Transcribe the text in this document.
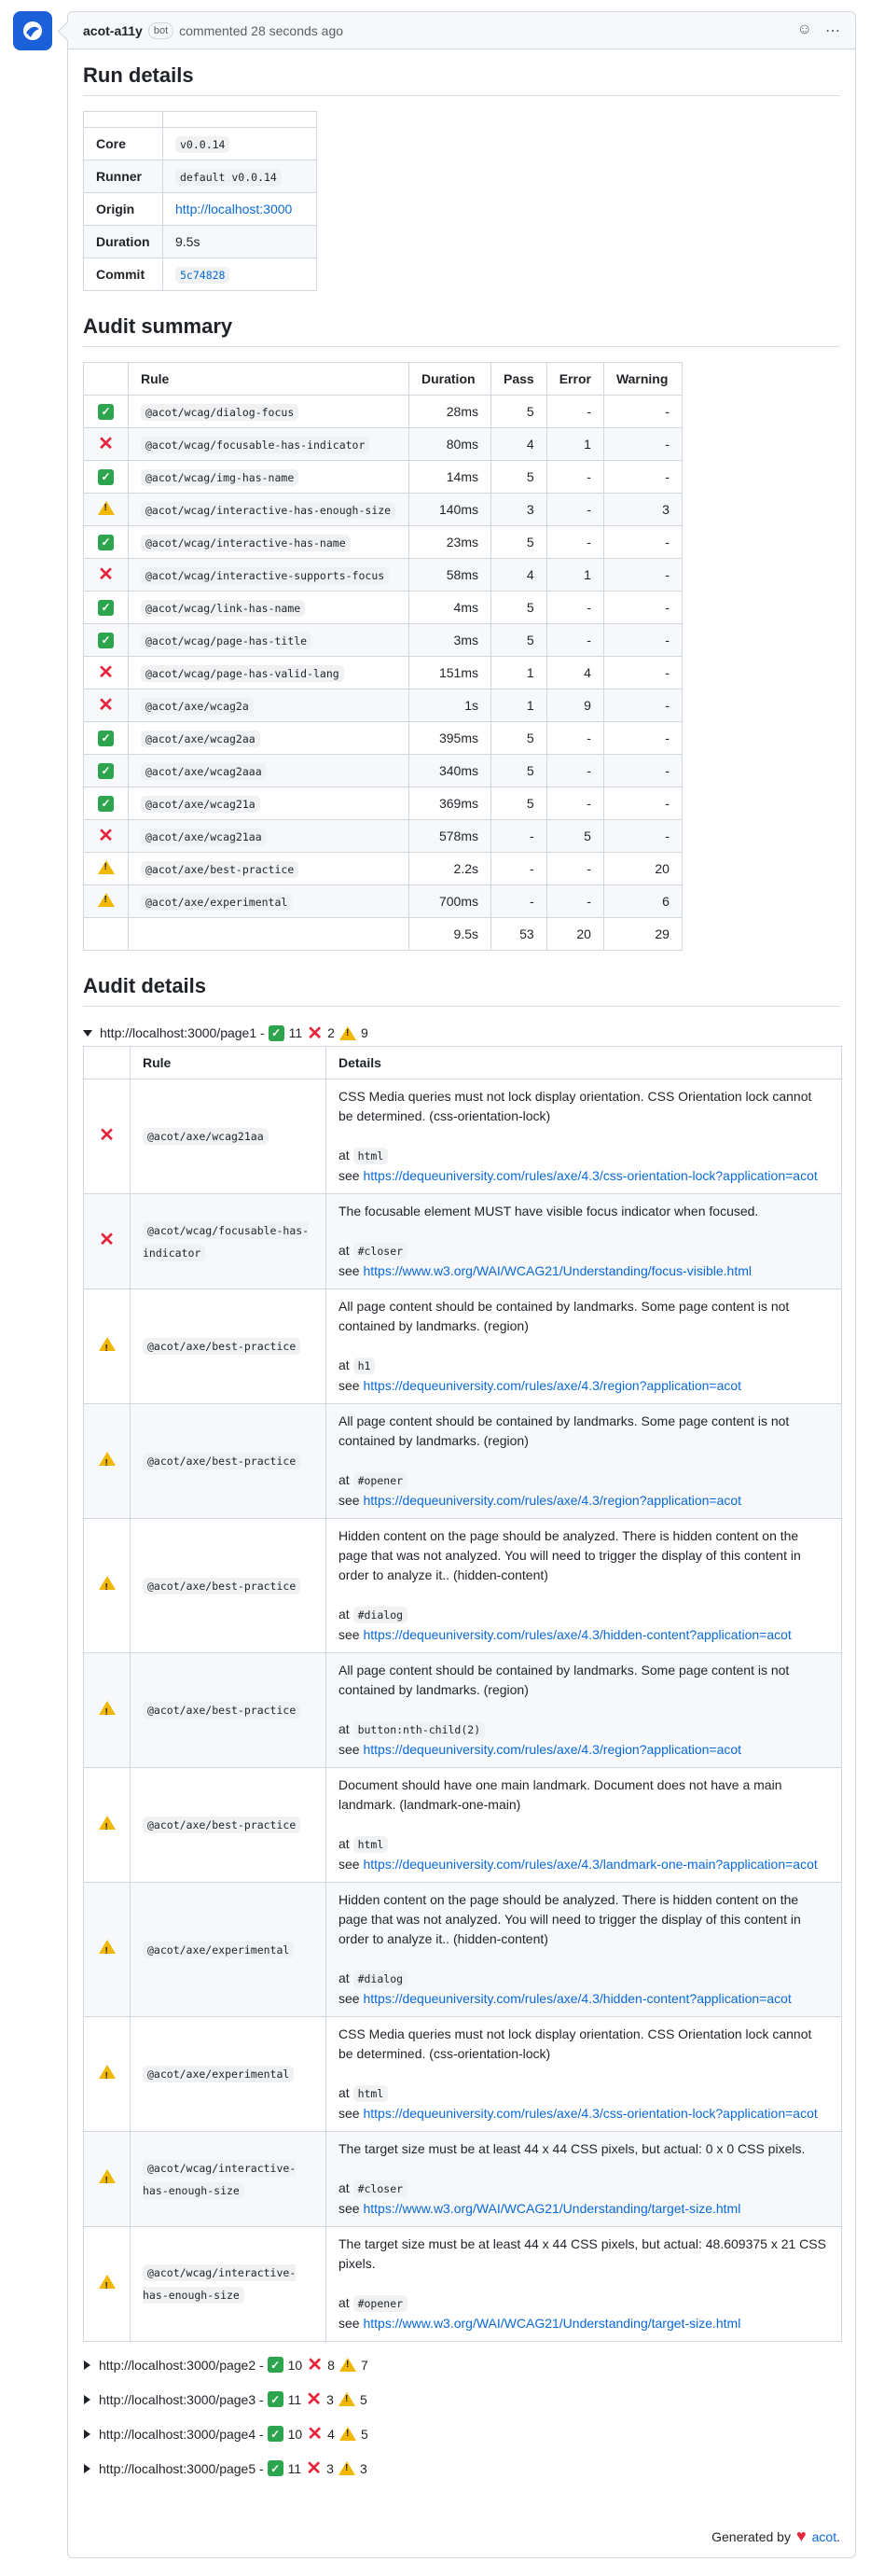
acot-a11y	bot commented 28 seconds ago	☺ ⋯
Run details

Core	v0.0.14
Runner	default v0.0.14
Origin	http://localhost:3000
Duration	9.5s
Commit	5c74828
Audit summary
	Rule	Duration	Pass	Error	Warning
✓	@acot/wcag/dialog-focus	28ms	5	-	-
✕	@acot/wcag/focusable-has-indicator	80ms	4	1	-
✓	@acot/wcag/img-has-name	14ms	5	-	-
!	@acot/wcag/interactive-has-enough-size	140ms	3	-	3
✓	@acot/wcag/interactive-has-name	23ms	5	-	-
✕	@acot/wcag/interactive-supports-focus	58ms	4	1	-
✓	@acot/wcag/link-has-name	4ms	5	-	-
✓	@acot/wcag/page-has-title	3ms	5	-	-
✕	@acot/wcag/page-has-valid-lang	151ms	1	4	-
✕	@acot/axe/wcag2a	1s	1	9	-
✓	@acot/axe/wcag2aa	395ms	5	-	-
✓	@acot/axe/wcag2aaa	340ms	5	-	-
✓	@acot/axe/wcag21a	369ms	5	-	-
✕	@acot/axe/wcag21aa	578ms	-	5	-
!	@acot/axe/best-practice	2.2s	-	-	20
!	@acot/axe/experimental	700ms	-	-	6
		9.5s	53	20	29
Audit details
http://localhost:3000/page1 - ✓ 11 ✕ 2 ! 9
	Rule	Details
✕	@acot/axe/wcag21aa	CSS Media queries must not lock display orientation. CSS Orientation lock cannot be determined. (css-orientation-lock)
at html
see https://dequeuniversity.com/rules/axe/4.3/css-orientation-lock?application=acot

✕	@acot/wcag/focusable-has-indicator	The focusable element MUST have visible focus indicator when focused.
at #closer
see https://www.w3.org/WAI/WCAG21/Understanding/focus-visible.html

!	@acot/axe/best-practice	All page content should be contained by landmarks. Some page content is not contained by landmarks. (region)
at h1
see https://dequeuniversity.com/rules/axe/4.3/region?application=acot

!	@acot/axe/best-practice	All page content should be contained by landmarks. Some page content is not contained by landmarks. (region)
at #opener
see https://dequeuniversity.com/rules/axe/4.3/region?application=acot

!	@acot/axe/best-practice	Hidden content on the page should be analyzed. There is hidden content on the page that was not analyzed. You will need to trigger the display of this content in order to analyze it.. (hidden-content)
at #dialog
see https://dequeuniversity.com/rules/axe/4.3/hidden-content?application=acot

!	@acot/axe/best-practice	All page content should be contained by landmarks. Some page content is not contained by landmarks. (region)
at button:nth-child(2)
see https://dequeuniversity.com/rules/axe/4.3/region?application=acot

!	@acot/axe/best-practice	Document should have one main landmark. Document does not have a main landmark. (landmark-one-main)
at html
see https://dequeuniversity.com/rules/axe/4.3/landmark-one-main?application=acot

!	@acot/axe/experimental	Hidden content on the page should be analyzed. There is hidden content on the page that was not analyzed. You will need to trigger the display of this content in order to analyze it.. (hidden-content)
at #dialog
see https://dequeuniversity.com/rules/axe/4.3/hidden-content?application=acot

!	@acot/axe/experimental	CSS Media queries must not lock display orientation. CSS Orientation lock cannot be determined. (css-orientation-lock)
at html
see https://dequeuniversity.com/rules/axe/4.3/css-orientation-lock?application=acot

!	@acot/wcag/interactive-has-enough-size	The target size must be at least 44 x 44 CSS pixels, but actual: 0 x 0 CSS pixels.
at #closer
see https://www.w3.org/WAI/WCAG21/Understanding/target-size.html

!	@acot/wcag/interactive-has-enough-size	The target size must be at least 44 x 44 CSS pixels, but actual: 48.609375 x 21 CSS pixels.
at #opener
see https://www.w3.org/WAI/WCAG21/Understanding/target-size.html
http://localhost:3000/page2 - ✓ 10 ✕ 8 ! 7
http://localhost:3000/page3 - ✓ 11 ✕ 3 ! 5
http://localhost:3000/page4 - ✓ 10 ✕ 4 ! 5
http://localhost:3000/page5 - ✓ 11 ✕ 3 ! 3
Generated by ♥ acot.
